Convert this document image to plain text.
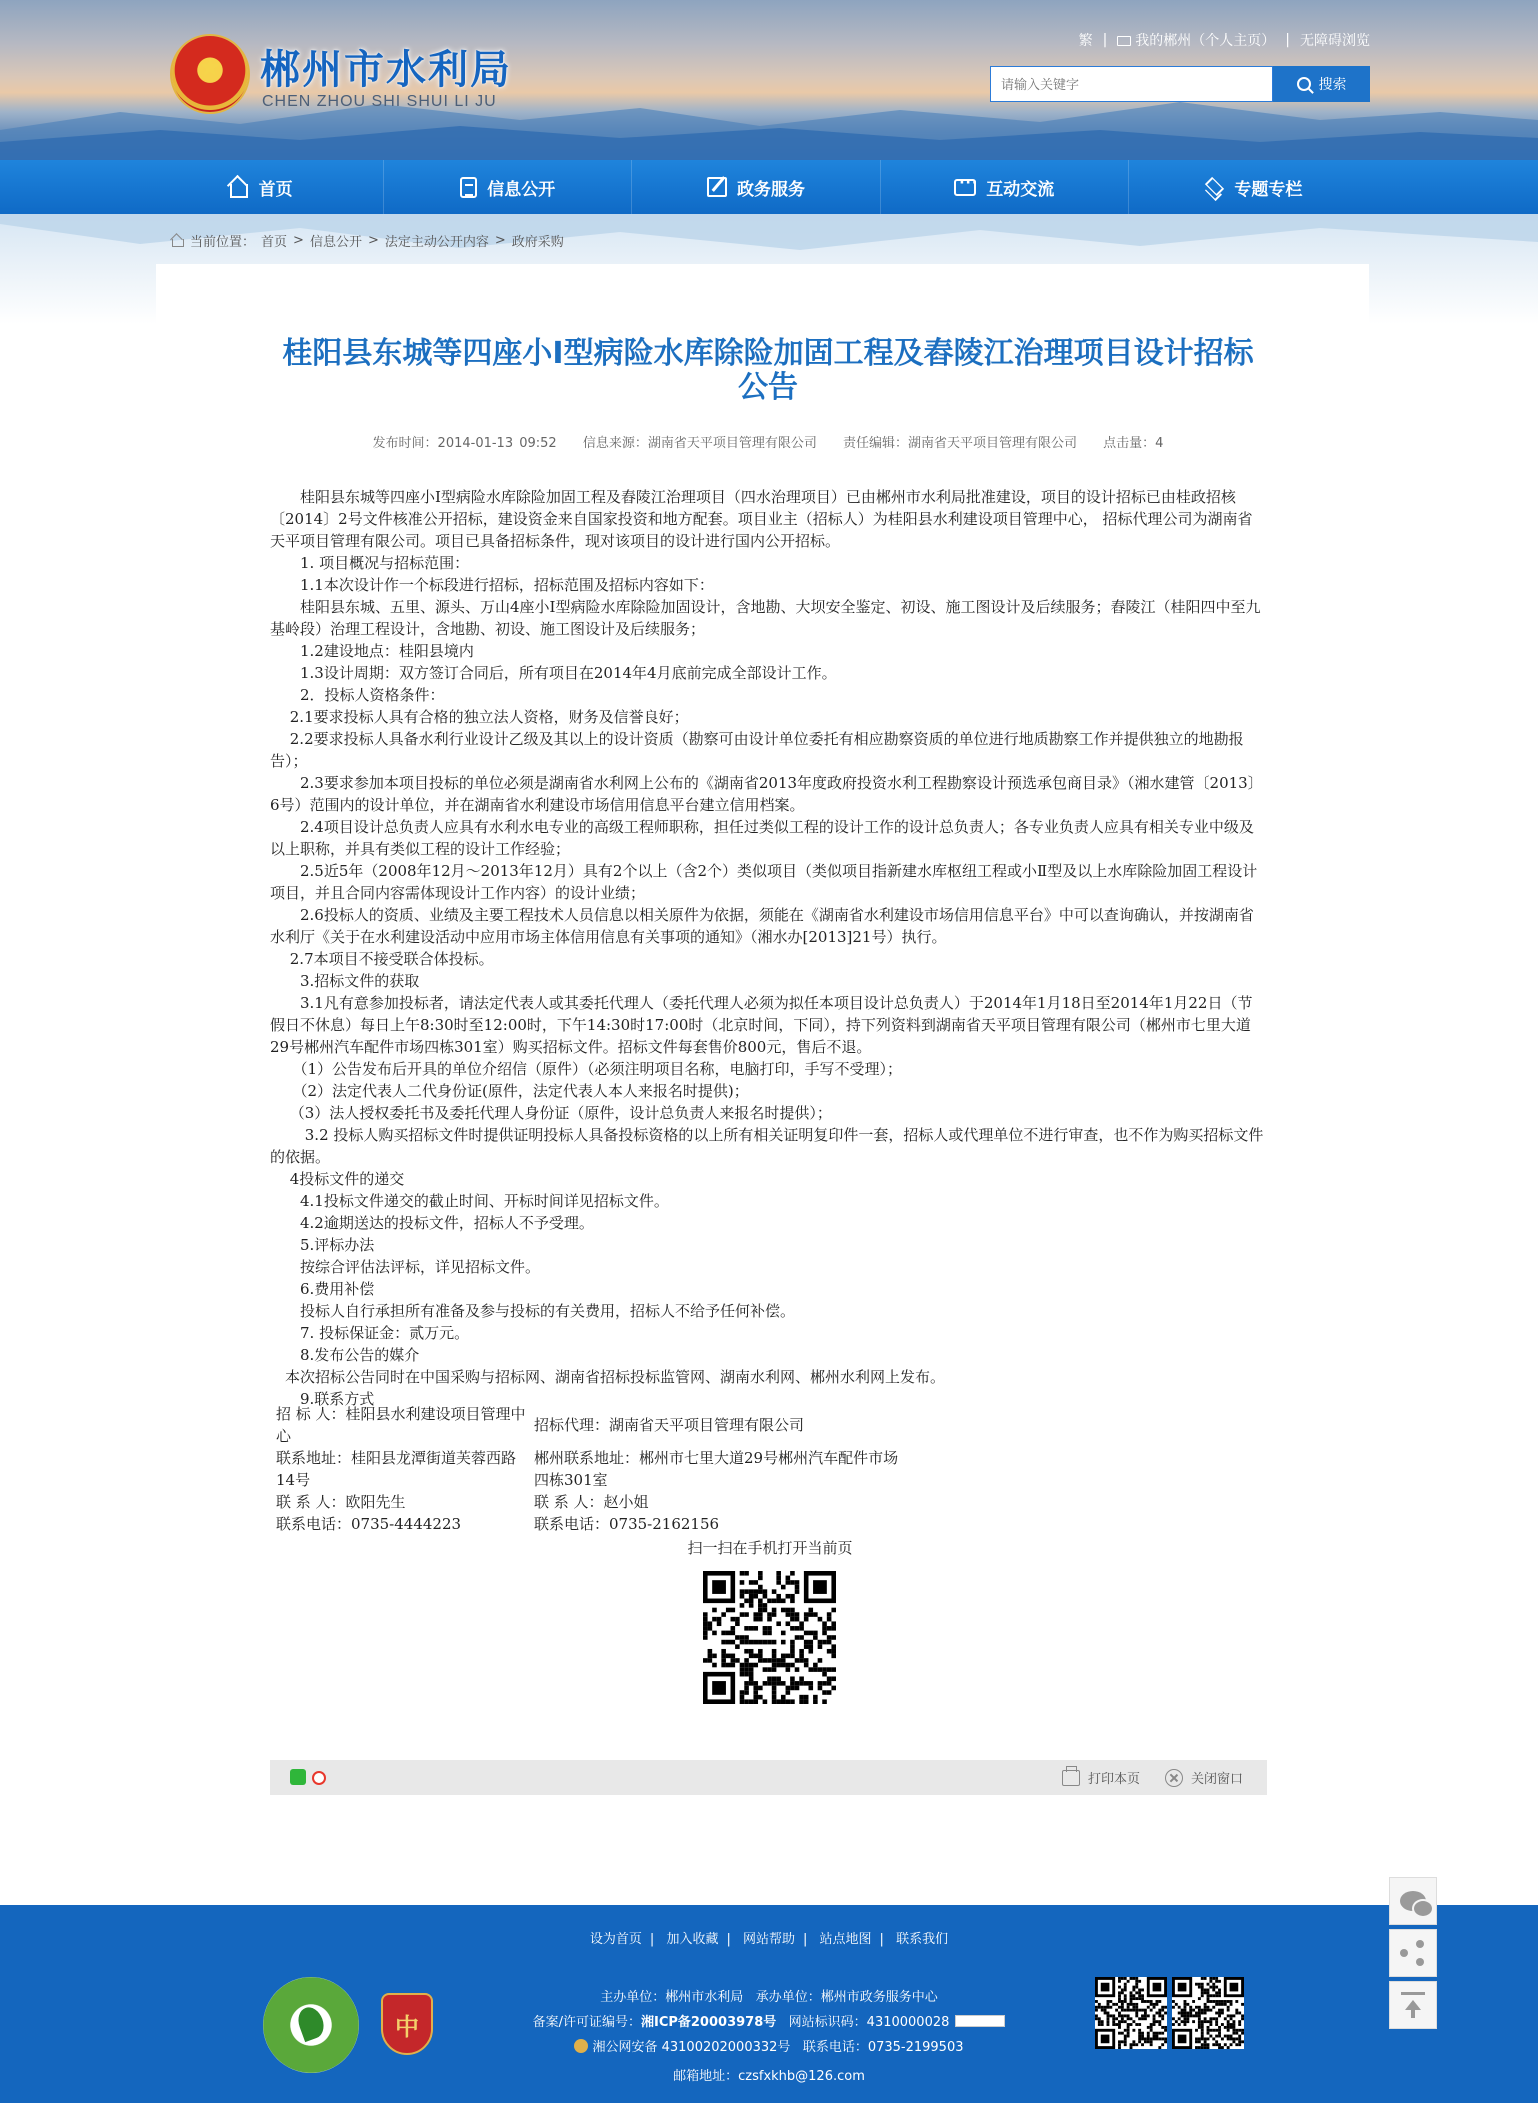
★ 郴州市水利局
CHEN ZHOU SHI SHUI LI JU
繁 |	我的郴州（个人主页） | 无障碍浏览
请输入关键字
搜索
首页	信息公开	政务服务 ···	互动交流	专题专栏
当前位置： 首页 > 信息公开 > 法定主动公开内容 > 政府采购
桂阳县东城等四座小Ⅰ型病险水库除险加固工程及舂陵江治理项目设计招标公告
发布时间：2014-01-13 09:52 信息来源：湖南省天平项目管理有限公司 责任编辑：湖南省天平项目管理有限公司 点击量：4

　　桂阳县东城等四座小Ⅰ型病险水库除险加固工程及舂陵江治理项目（四水治理项目）已由郴州市水利局批准建设，项目的设计招标已由桂政招核〔2014〕2号文件核准公开招标，建设资金来自国家投资和地方配套。项目业主（招标人）为桂阳县水利建设项目管理中心， 招标代理公司为湖南省天平项目管理有限公司。项目已具备招标条件，现对该项目的设计进行国内公开招标。

　　1. 项目概况与招标范围：

　　1.1本次设计作一个标段进行招标，招标范围及招标内容如下：

　　桂阳县东城、五里、源头、万山4座小Ⅰ型病险水库除险加固设计，含地勘、大坝安全鉴定、初设、施工图设计及后续服务；舂陵江（桂阳四中至九基岭段）治理工程设计，含地勘、初设、施工图设计及后续服务；

　　1.2建设地点：桂阳县境内

　　1.3设计周期：双方签订合同后，所有项目在2014年4月底前完成全部设计工作。

　　2．投标人资格条件：

　 2.1要求投标人具有合格的独立法人资格，财务及信誉良好；

　 2.2要求投标人具备水利行业设计乙级及其以上的设计资质（勘察可由设计单位委托有相应勘察资质的单位进行地质勘察工作并提供独立的地勘报告）；

　　2.3要求参加本项目投标的单位必须是湖南省水利网上公布的《湖南省2013年度政府投资水利工程勘察设计预选承包商目录》（湘水建管〔2013〕6号）范围内的设计单位，并在湖南省水利建设市场信用信息平台建立信用档案。

　　2.4项目设计总负责人应具有水利水电专业的高级工程师职称，担任过类似工程的设计工作的设计总负责人；各专业负责人应具有相关专业中级及以上职称，并具有类似工程的设计工作经验；

　　2.5近5年（2008年12月～2013年12月）具有2个以上（含2个）类似项目（类似项目指新建水库枢纽工程或小Ⅱ型及以上水库除险加固工程设计项目，并且合同内容需体现设计工作内容）的设计业绩；

　　2.6投标人的资质、业绩及主要工程技术人员信息以相关原件为依据，须能在《湖南省水利建设市场信用信息平台》中可以查询确认，并按湖南省水利厅《关于在水利建设活动中应用市场主体信用信息有关事项的通知》（湘水办[2013]21号）执行。

　 2.7本项目不接受联合体投标。

　　3.招标文件的获取

　　3.1凡有意参加投标者，请法定代表人或其委托代理人（委托代理人必须为拟任本项目设计总负责人）于2014年1月18日至2014年1月22日（节假日不休息）每日上午8:30时至12:00时，下午14:30时17:00时（北京时间，下同），持下列资料到湖南省天平项目管理有限公司（郴州市七里大道29号郴州汽车配件市场四栋301室）购买招标文件。招标文件每套售价800元，售后不退。

　　（1）公告发布后开具的单位介绍信（原件）（必须注明项目名称，电脑打印，手写不受理）；

　　（2）法定代表人二代身份证(原件，法定代表人本人来报名时提供)；

　 （3）法人授权委托书及委托代理人身份证（原件，设计总负责人来报名时提供）；

　　 3.2 投标人购买招标文件时提供证明投标人具备投标资格的以上所有相关证明复印件一套，招标人或代理单位不进行审查，也不作为购买招标文件的依据。

　 4投标文件的递交

　　4.1投标文件递交的截止时间、开标时间详见招标文件。

　　4.2逾期送达的投标文件，招标人不予受理。

　　5.评标办法

　　按综合评估法评标，详见招标文件。

　　6.费用补偿

　　投标人自行承担所有准备及参与投标的有关费用，招标人不给予任何补偿。

　　7. 投标保证金：贰万元。

　　8.发布公告的媒介

　本次招标公告同时在中国采购与招标网、湖南省招标投标监管网、湖南水利网、郴州水利网上发布。

　　9.联系方式

招 标 人：桂阳县水利建设项目管理中心	招标代理：湖南省天平项目管理有限公司
联系地址：桂阳县龙潭街道芙蓉西路14号	郴州联系地址：郴州市七里大道29号郴州汽车配件市场四栋301室
联 系 人：欧阳先生	联 系 人：赵小姐
联系电话：0735-4444223	联系电话：0735-2162156
扫一扫在手机打开当前页
打印本页	关闭窗口
设为首页 | 加入收藏 | 网站帮助 | 站点地图 | 联系我们
中
主办单位：郴州市水利局 承办单位：郴州市政务服务中心
备案/许可证编号：湘ICP备20003978号 网站标识码：4310000028
湘公网安备 43100202000332号 联系电话：0735-2199503
邮箱地址：czsfxkhb@126.com
